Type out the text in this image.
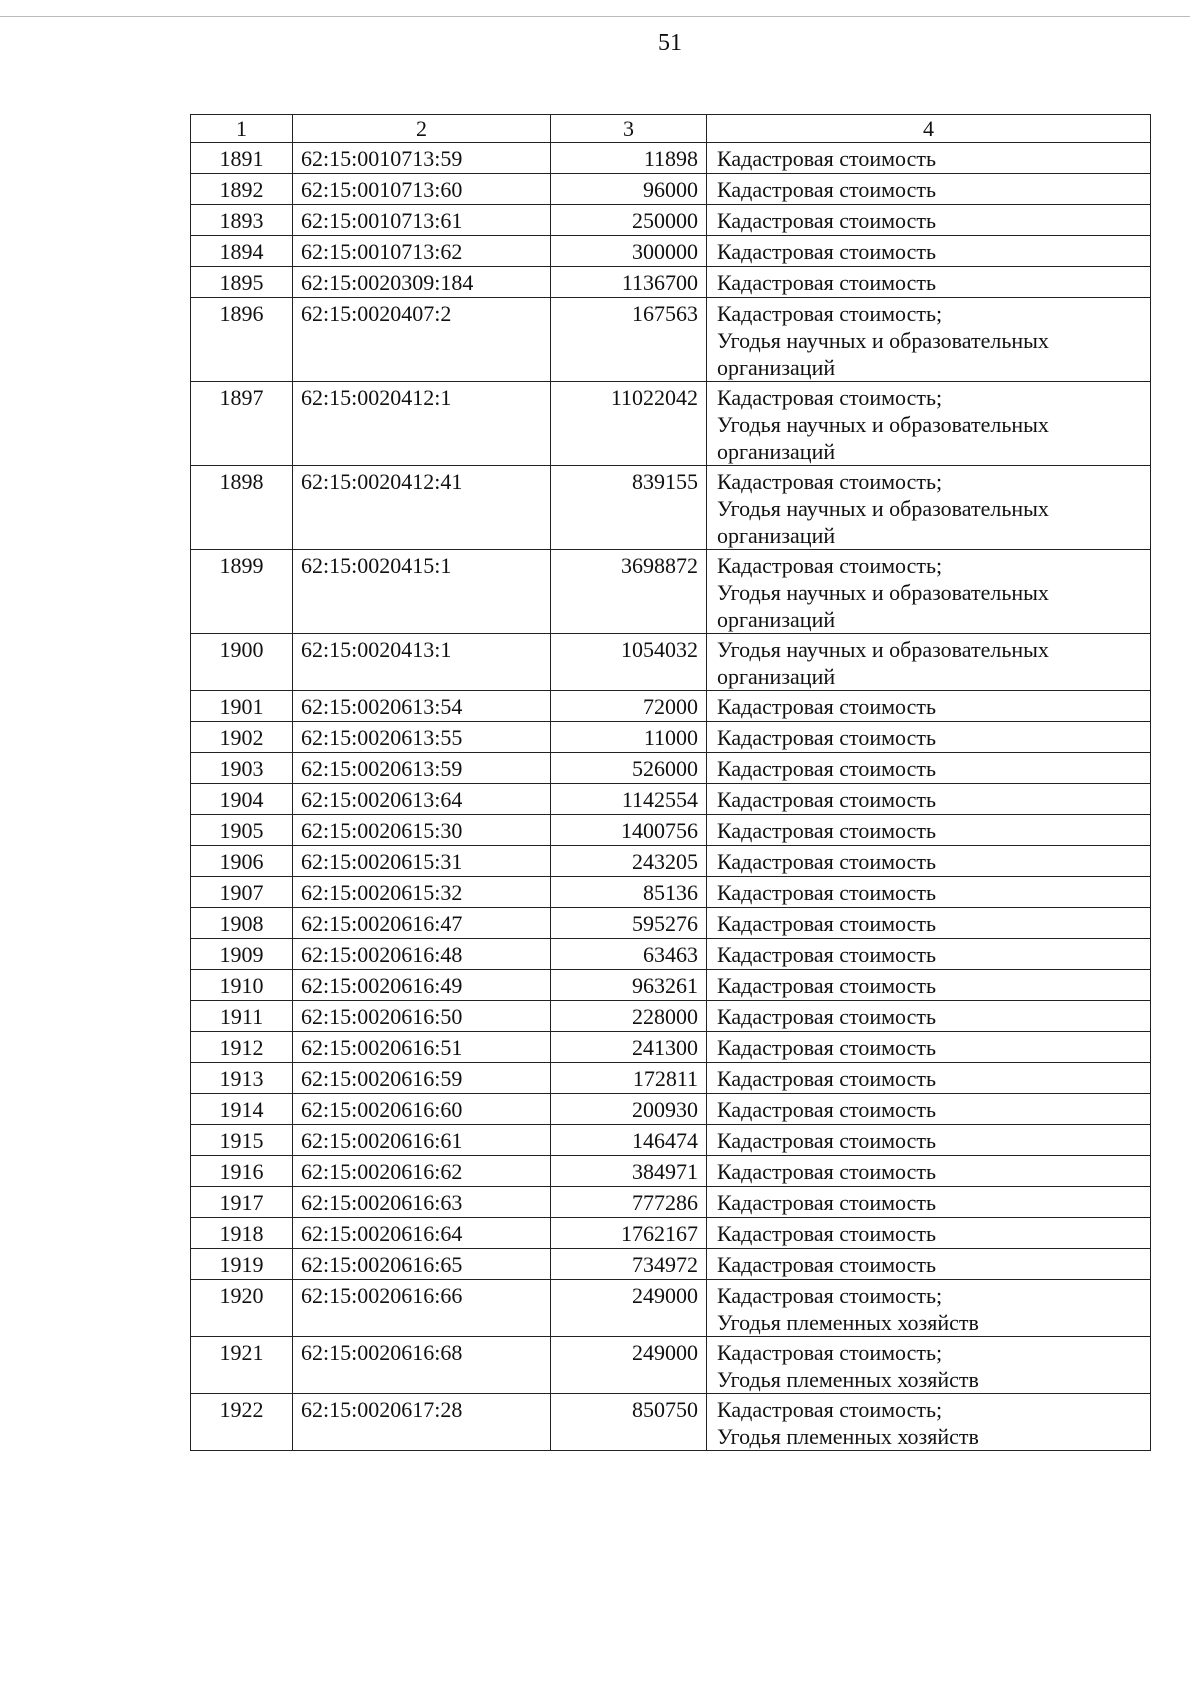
51
1	2	3	4
1891	62:15:0010713:59	11898	Кадастровая стоимость

1892	62:15:0010713:60	96000	Кадастровая стоимость

1893	62:15:0010713:61	250000	Кадастровая стоимость

1894	62:15:0010713:62	300000	Кадастровая стоимость

1895	62:15:0020309:184	1136700	Кадастровая стоимость

1896	62:15:0020407:2	167563	Кадастровая стоимость;
Угодья научных и образовательных
организаций

1897	62:15:0020412:1	11022042	Кадастровая стоимость;
Угодья научных и образовательных
организаций

1898	62:15:0020412:41	839155	Кадастровая стоимость;
Угодья научных и образовательных
организаций

1899	62:15:0020415:1	3698872	Кадастровая стоимость;
Угодья научных и образовательных
организаций

1900	62:15:0020413:1	1054032	Угодья научных и образовательных
организаций

1901	62:15:0020613:54	72000	Кадастровая стоимость

1902	62:15:0020613:55	11000	Кадастровая стоимость

1903	62:15:0020613:59	526000	Кадастровая стоимость

1904	62:15:0020613:64	1142554	Кадастровая стоимость

1905	62:15:0020615:30	1400756	Кадастровая стоимость

1906	62:15:0020615:31	243205	Кадастровая стоимость

1907	62:15:0020615:32	85136	Кадастровая стоимость

1908	62:15:0020616:47	595276	Кадастровая стоимость

1909	62:15:0020616:48	63463	Кадастровая стоимость

1910	62:15:0020616:49	963261	Кадастровая стоимость

1911	62:15:0020616:50	228000	Кадастровая стоимость

1912	62:15:0020616:51	241300	Кадастровая стоимость

1913	62:15:0020616:59	172811	Кадастровая стоимость

1914	62:15:0020616:60	200930	Кадастровая стоимость

1915	62:15:0020616:61	146474	Кадастровая стоимость

1916	62:15:0020616:62	384971	Кадастровая стоимость

1917	62:15:0020616:63	777286	Кадастровая стоимость

1918	62:15:0020616:64	1762167	Кадастровая стоимость

1919	62:15:0020616:65	734972	Кадастровая стоимость

1920	62:15:0020616:66	249000	Кадастровая стоимость;
Угодья племенных хозяйств

1921	62:15:0020616:68	249000	Кадастровая стоимость;
Угодья племенных хозяйств

1922	62:15:0020617:28	850750	Кадастровая стоимость;
Угодья племенных хозяйств
